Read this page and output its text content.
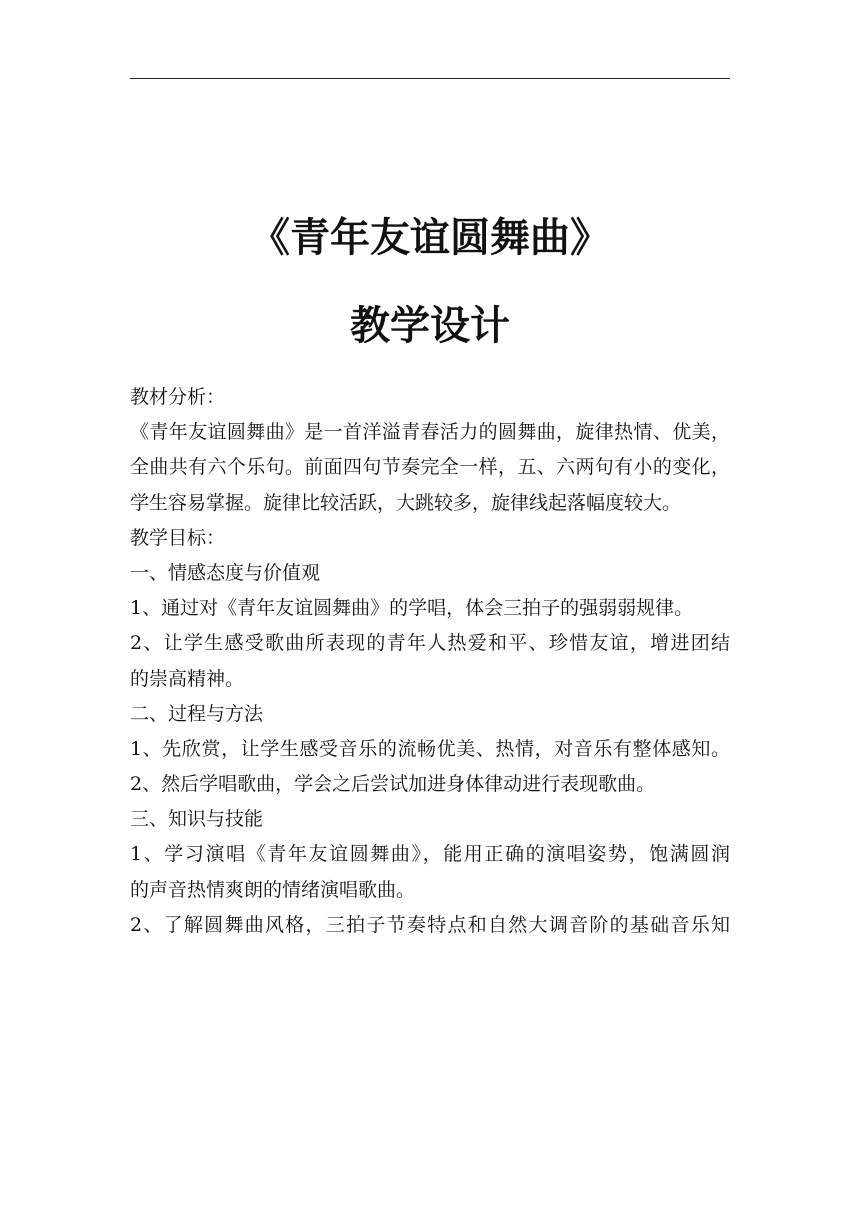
《青年友谊圆舞曲》
教学设计
教材分析：
《青年友谊圆舞曲》是一首洋溢青春活力的圆舞曲，旋律热情、优美，
全曲共有六个乐句。前面四句节奏完全一样，五、六两句有小的变化，
学生容易掌握。旋律比较活跃，大跳较多，旋律线起落幅度较大。
教学目标：
一、情感态度与价值观
1、通过对《青年友谊圆舞曲》的学唱，体会三拍子的强弱弱规律。
2、让学生感受歌曲所表现的青年人热爱和平、珍惜友谊，增进团结
的崇高精神。
二、过程与方法
1、先欣赏，让学生感受音乐的流畅优美、热情，对音乐有整体感知。
2、然后学唱歌曲，学会之后尝试加进身体律动进行表现歌曲。
三、知识与技能
1、学习演唱《青年友谊圆舞曲》，能用正确的演唱姿势，饱满圆润
的声音热情爽朗的情绪演唱歌曲。
2、了解圆舞曲风格，三拍子节奏特点和自然大调音阶的基础音乐知
